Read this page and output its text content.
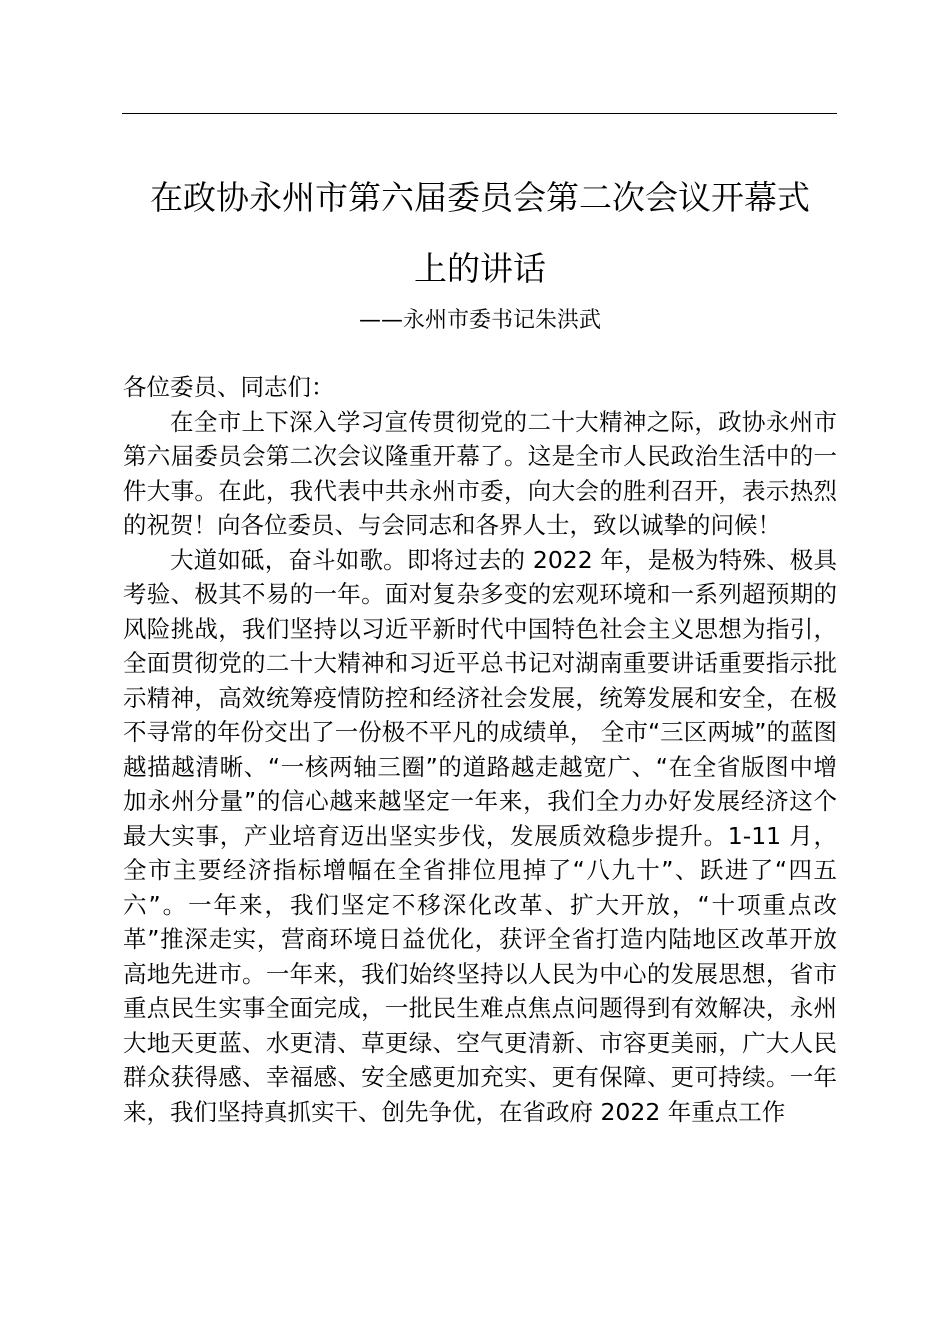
在政协永州市第六届委员会第二次会议开幕式
上的讲话
——永州市委书记朱洪武

各位委员、同志们：

在全市上下深入学习宣传贯彻党的二十大精神之际，政协永州市第六届委员会第二次会议隆重开幕了。这是全市人民政治生活中的一件大事。在此，我代表中共永州市委，向大会的胜利召开，表示热烈的祝贺！向各位委员、与会同志和各界人士，致以诚挚的问候！

大道如砥，奋斗如歌。即将过去的 2022 年，是极为特殊、极具考验、极其不易的一年。面对复杂多变的宏观环境和一系列超预期的风险挑战，我们坚持以习近平新时代中国特色社会主义思想为指引，全面贯彻党的二十大精神和习近平总书记对湖南重要讲话重要指示批示精神，高效统筹疫情防控和经济社会发展，统筹发展和安全，在极不寻常的年份交出了一份极不平凡的成绩单， 全市“三区两城”的蓝图越描越清晰、“一核两轴三圈”的道路越走越宽广、“在全省版图中增加永州分量”的信心越来越坚定一年来，我们全力办好发展经济这个最大实事，产业培育迈出坚实步伐，发展质效稳步提升。1-11 月，全市主要经济指标增幅在全省排位甩掉了“八九十”、跃进了“四五六”。一年来，我们坚定不移深化改革、扩大开放，“十项重点改革”推深走实，营商环境日益优化，获评全省打造内陆地区改革开放高地先进市。一年来，我们始终坚持以人民为中心的发展思想，省市重点民生实事全面完成，一批民生难点焦点问题得到有效解决，永州大地天更蓝、水更清、草更绿、空气更清新、市容更美丽，广大人民群众获得感、幸福感、安全感更加充实、更有保障、更可持续。一年来，我们坚持真抓实干、创先争优，在省政府 2022 年重点工作
